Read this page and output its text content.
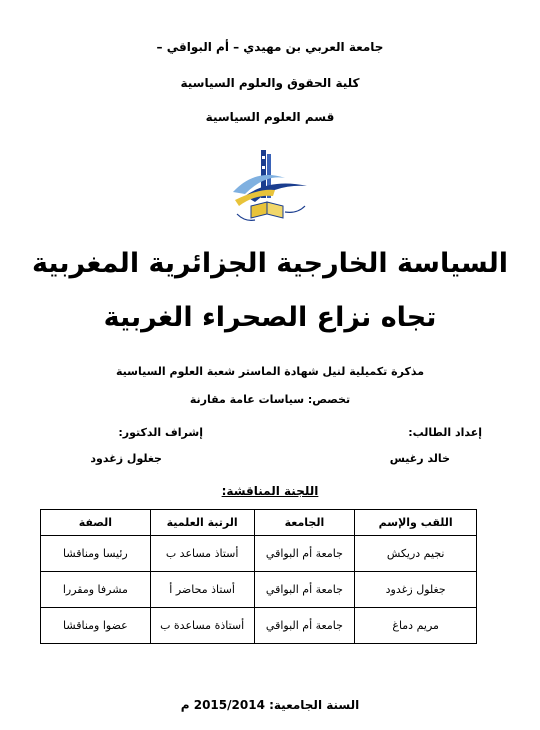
جامعة العربي بن مهيدي – أم البواقي –
كلية الحقوق والعلوم السياسية
قسم العلوم السياسية
السياسة الخارجية الجزائرية المغربية
تجاه نزاع الصحراء الغربية
مذكرة تكميلية لنيل شهادة الماستر شعبة العلوم السياسية
تخصص: سياسات عامة مقارنة
إعداد الطالب:
إشراف الدكتور:
خالد رغيس
جغلول زغدود
اللجنة المناقشة:
اللقب والإسم	الجامعة	الرتبة العلمية	الصفة
نجيم دريكش	جامعة أم البواقي	أستاذ مساعد ب	رئيسا ومناقشا
جغلول زغدود	جامعة أم البواقي	أستاذ محاضر أ	مشرفا ومقررا
مريم دماغ	جامعة أم البواقي	أستاذة مساعدة ب	عضوا ومناقشا
السنة الجامعية: 2015/2014 م
